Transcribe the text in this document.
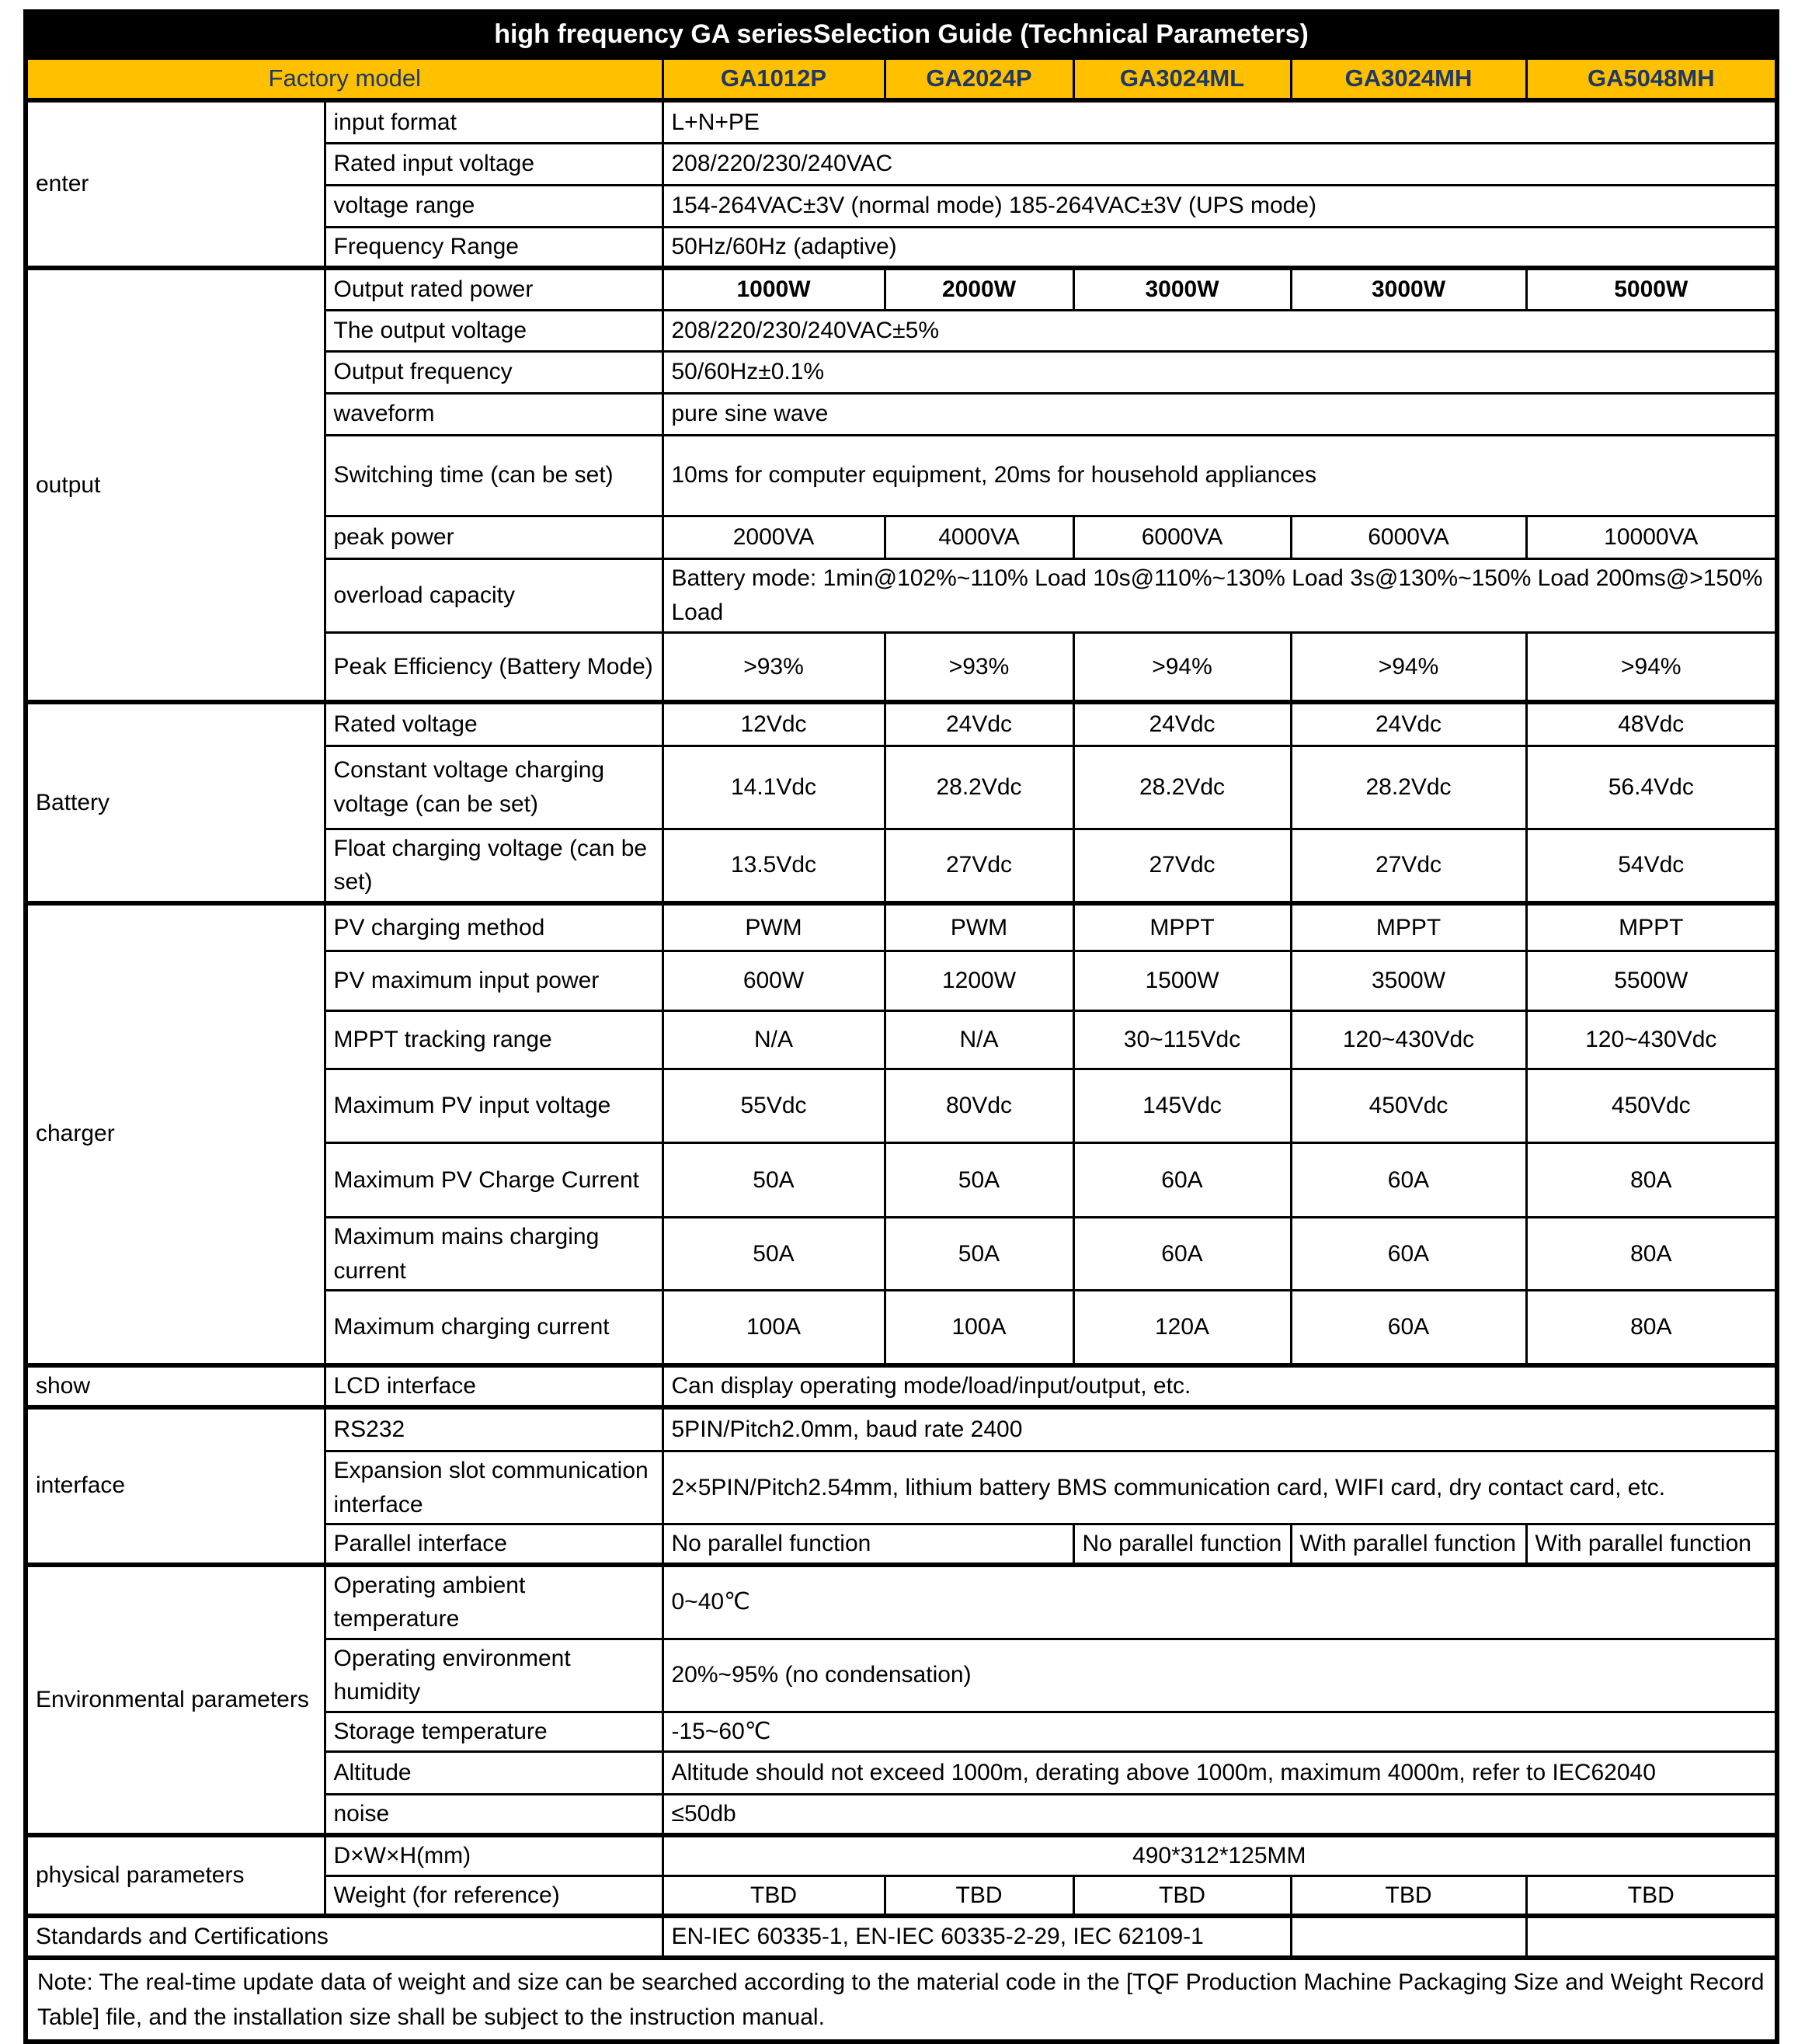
high frequency GA seriesSelection Guide (Technical Parameters)						
Factory model		GA1012P	GA2024P	GA3024ML	GA3024MH	GA5048MH
enter	input format	L+N+PE				
	Rated input voltage	208/220/230/240VAC				
	voltage range	154-264VAC±3V (normal mode) 185-264VAC±3V (UPS mode)				
	Frequency Range	50Hz/60Hz (adaptive)				
output	Output rated power	1000W	2000W	3000W	3000W	5000W
	The output voltage	208/220/230/240VAC±5%				
	Output frequency	50/60Hz±0.1%				
	waveform	pure sine wave				
	Switching time (can be set)	10ms for computer equipment, 20ms for household appliances				
	peak power	2000VA	4000VA	6000VA	6000VA	10000VA
	overload capacity	Battery mode: 1min@102%~110% Load 10s@110%~130% Load 3s@130%~150% Load 200ms@>150% Load				
	Peak Efficiency (Battery Mode)	>93%	>93%	>94%	>94%	>94%
Battery	Rated voltage	12Vdc	24Vdc	24Vdc	24Vdc	48Vdc
	Constant voltage charging voltage (can be set)	14.1Vdc	28.2Vdc	28.2Vdc	28.2Vdc	56.4Vdc
	Float charging voltage (can be set)	13.5Vdc	27Vdc	27Vdc	27Vdc	54Vdc
charger	PV charging method	PWM	PWM	MPPT	MPPT	MPPT
	PV maximum input power	600W	1200W	1500W	3500W	5500W
	MPPT tracking range	N/A	N/A	30~115Vdc	120~430Vdc	120~430Vdc
	Maximum PV input voltage	55Vdc	80Vdc	145Vdc	450Vdc	450Vdc
	Maximum PV Charge Current	50A	50A	60A	60A	80A
	Maximum mains charging current	50A	50A	60A	60A	80A
	Maximum charging current	100A	100A	120A	60A	80A
show	LCD interface	Can display operating mode/load/input/output, etc.				
interface	RS232	5PIN/Pitch2.0mm, baud rate 2400				
	Expansion slot communication interface	2×5PIN/Pitch2.54mm, lithium battery BMS communication card, WIFI card, dry contact card, etc.				
	Parallel interface	No parallel function		No parallel function	With parallel function	With parallel function
Environmental parameters	Operating ambient temperature	0~40℃				
	Operating environment humidity	20%~95% (no condensation)				
	Storage temperature	-15~60℃				
	Altitude	Altitude should not exceed 1000m, derating above 1000m, maximum 4000m, refer to IEC62040				
	noise	≤50db				
physical parameters	D×W×H(mm)	490*312*125MM				
	Weight (for reference)	TBD	TBD	TBD	TBD	TBD
Standards and Certifications		EN-IEC 60335-1, EN-IEC 60335-2-29, IEC 62109-1				
Note: The real-time update data of weight and size can be searched according to the material code in the [TQF Production Machine Packaging Size and Weight Record Table] file, and the installation size shall be subject to the instruction manual.						
